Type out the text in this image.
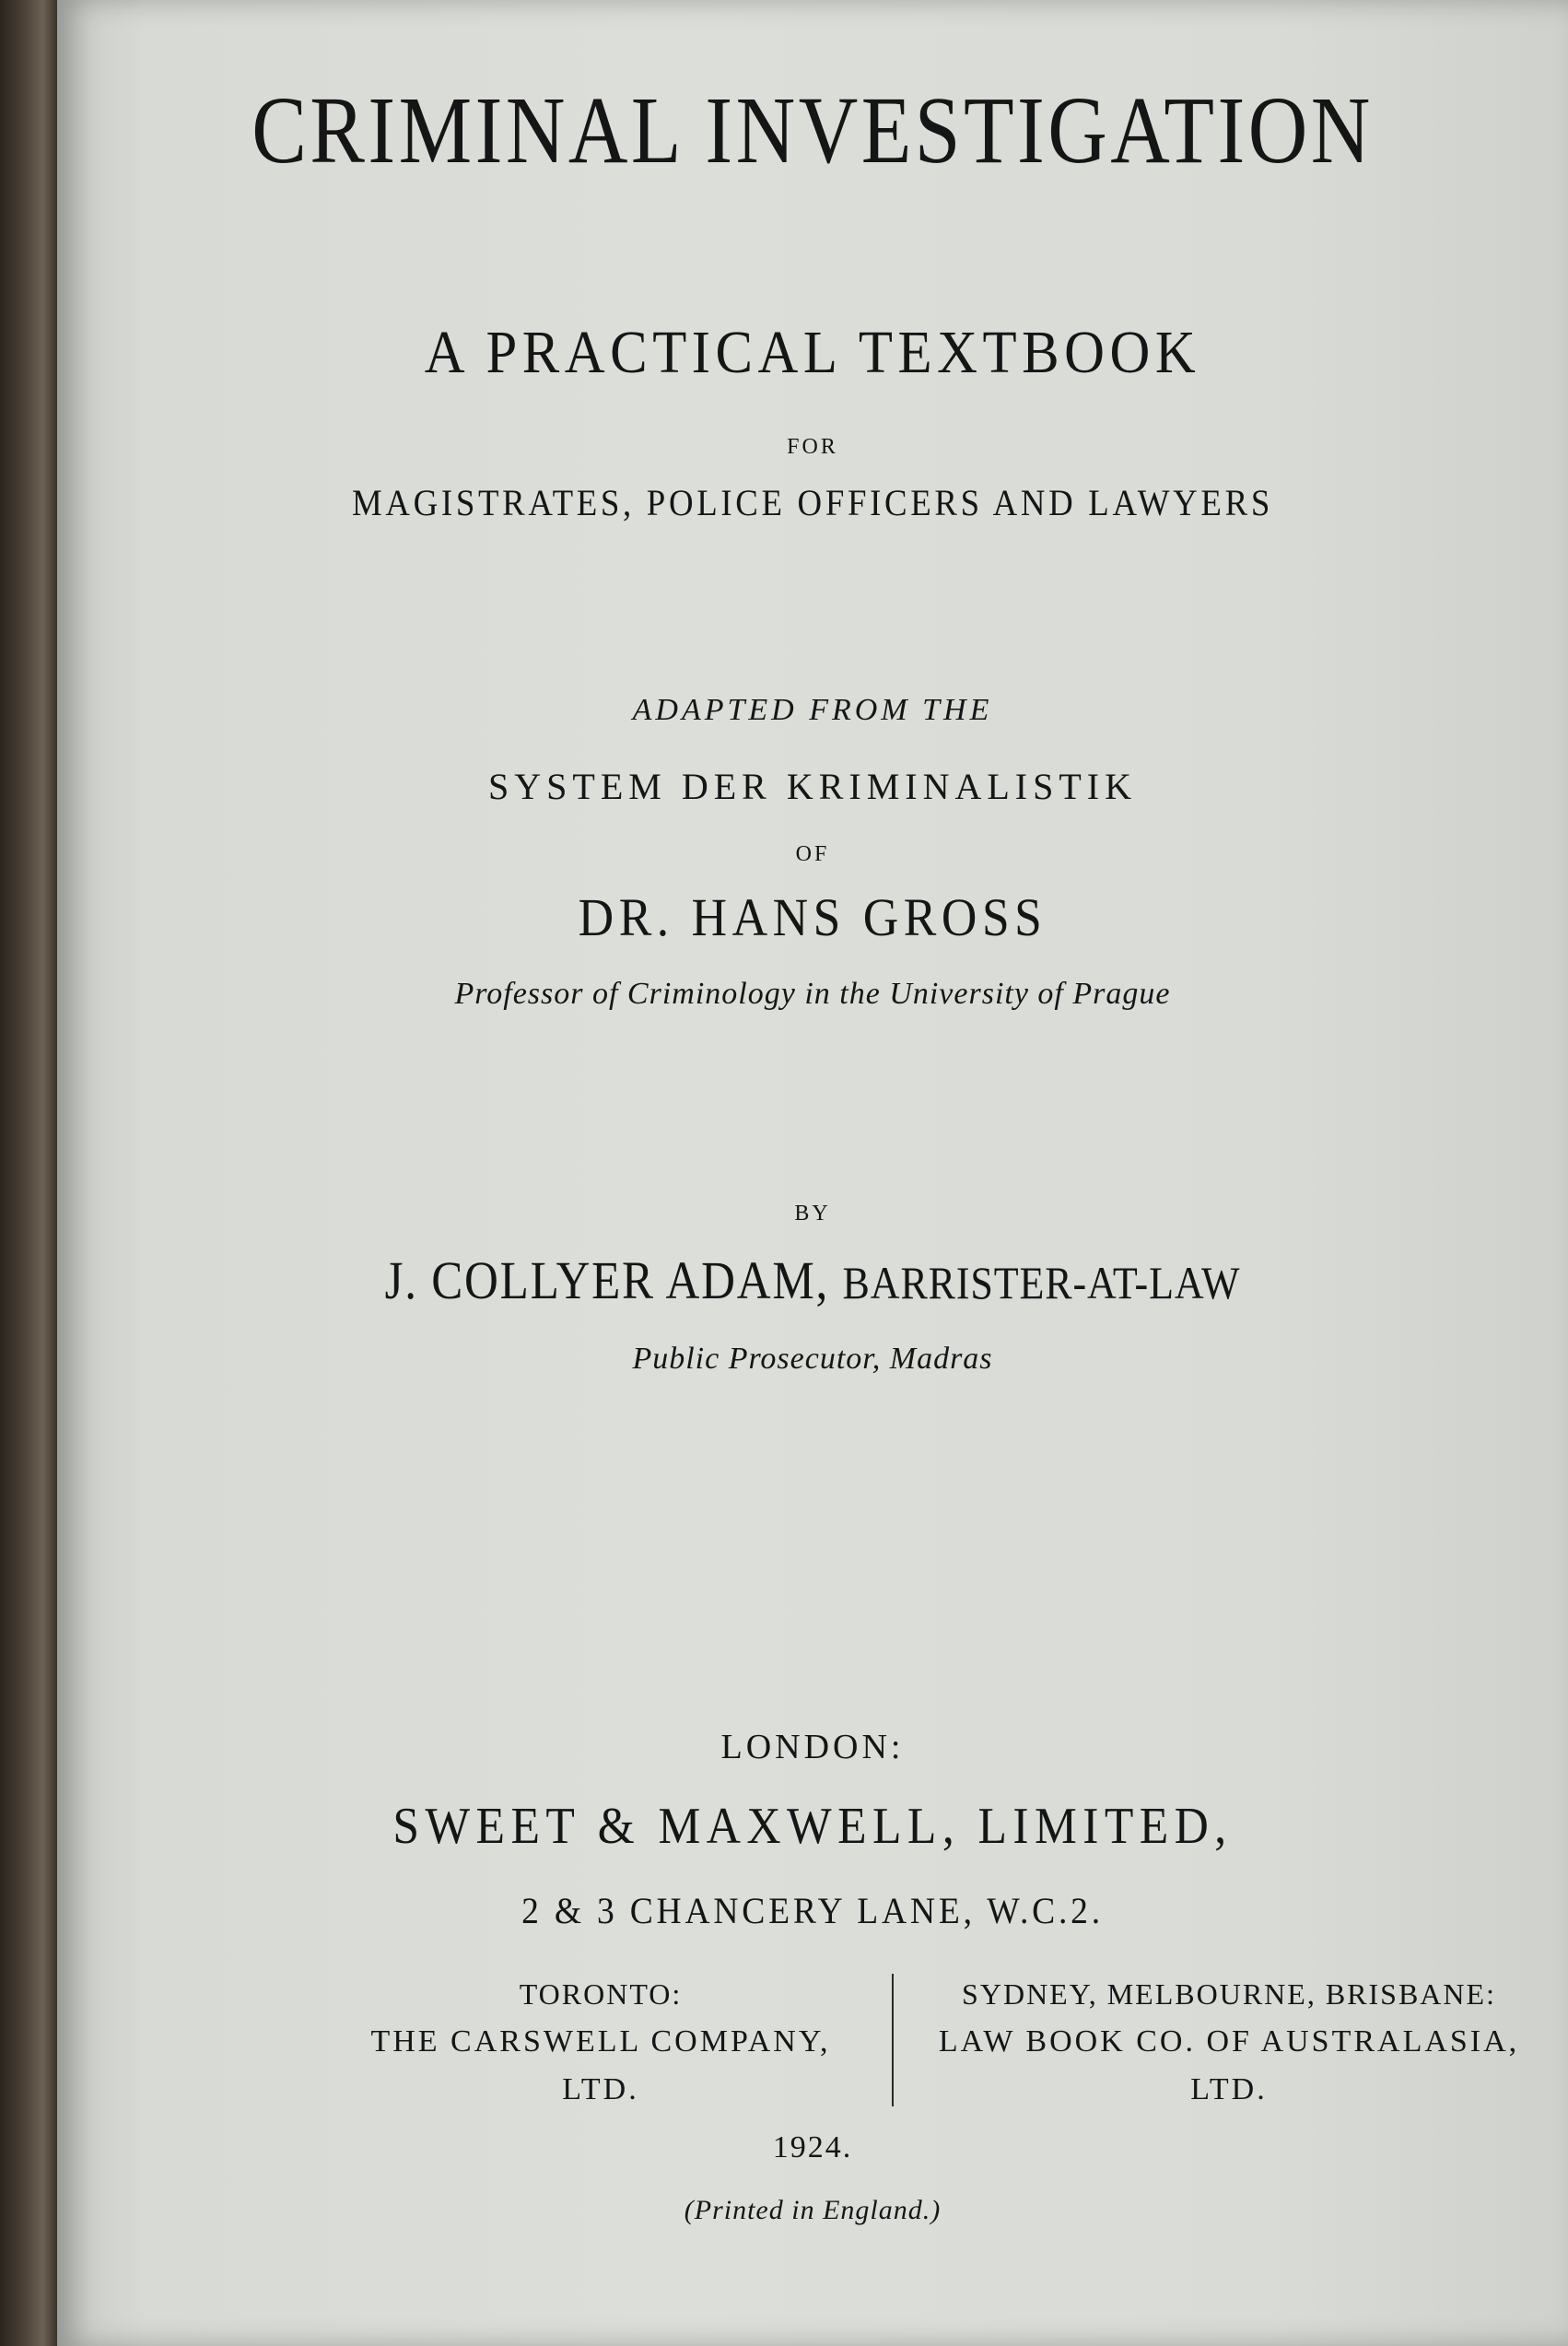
CRIMINAL INVESTIGATION
A PRACTICAL TEXTBOOK
FOR
MAGISTRATES, POLICE OFFICERS AND LAWYERS
ADAPTED FROM THE
SYSTEM DER KRIMINALISTIK
OF
DR. HANS GROSS
Professor of Criminology in the University of Prague
BY
J. COLLYER ADAM, BARRISTER-AT-LAW
Public Prosecutor, Madras
LONDON:
SWEET & MAXWELL, LIMITED,
2 & 3 CHANCERY LANE, W.C.2.
TORONTO:
THE CARSWELL COMPANY,
LTD.
SYDNEY, MELBOURNE, BRISBANE:
LAW BOOK CO. OF AUSTRALASIA,
LTD.
1924.
(Printed in England.)
